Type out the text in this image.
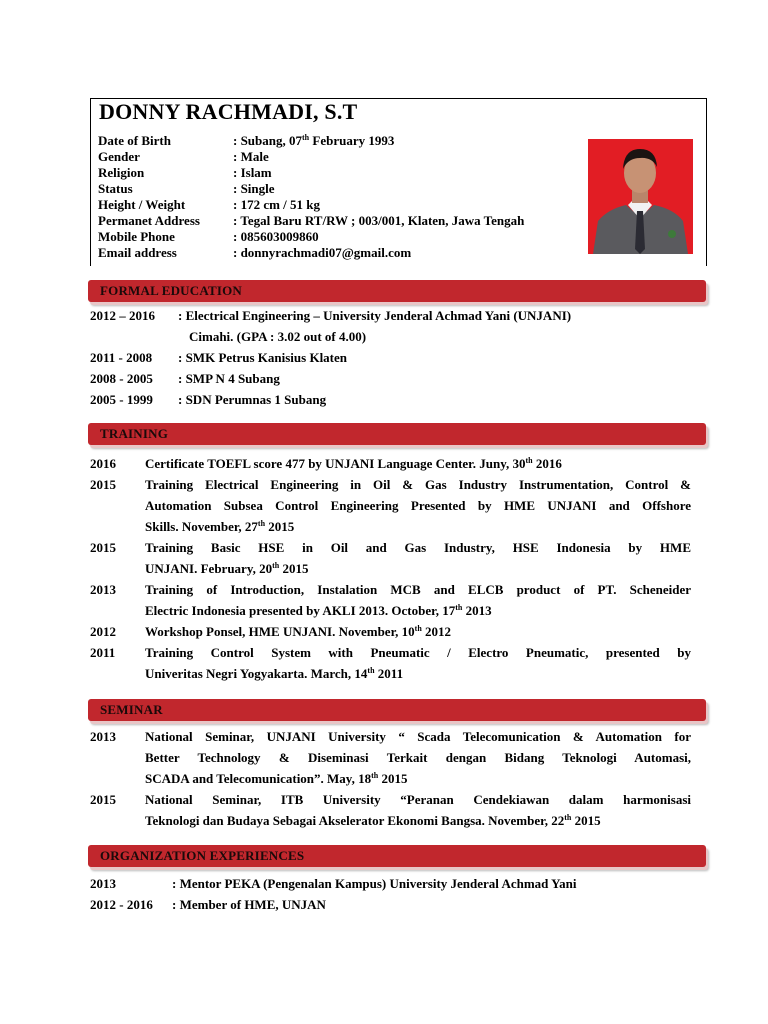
DONNY RACHMADI, S.T
Date of Birth	: Subang, 07th February 1993
Gender	: Male
Religion	: Islam
Status	: Single
Height / Weight	: 172 cm / 51 kg
Permanet Address	: Tegal Baru RT/RW ; 003/001, Klaten, Jawa Tengah
Mobile Phone	: 085603009860
Email address	: donnyrachmadi07@gmail.com
FORMAL EDUCATION
2012 – 2016 : Electrical Engineering – University Jenderal Achmad Yani (UNJANI)
Cimahi. (GPA : 3.02 out of 4.00)
2011 - 2008 : SMK Petrus Kanisius Klaten
2008 - 2005 : SMP N 4 Subang
2005 - 1999 : SDN Perumnas 1 Subang
TRAINING
2016 Certificate TOEFL score 477 by UNJANI Language Center. Juny, 30th 2016
2015 Training Electrical Engineering in Oil & Gas Industry Instrumentation, Control &
Automation Subsea Control Engineering Presented by HME UNJANI and Offshore
Skills. November, 27th 2015
2015 Training Basic HSE in Oil and Gas Industry, HSE Indonesia by HME
UNJANI. February, 20th 2015
2013 Training of Introduction, Instalation MCB and ELCB product of PT. Scheneider
Electric Indonesia presented by AKLI 2013. October, 17th 2013
2012 Workshop Ponsel, HME UNJANI. November, 10th 2012
2011 Training Control System with Pneumatic / Electro Pneumatic, presented by
Univeritas Negri Yogyakarta. March, 14th 2011
SEMINAR
2013 National Seminar, UNJANI University “ Scada Telecomunication & Automation for
Better Technology & Diseminasi Terkait dengan Bidang Teknologi Automasi,
SCADA and Telecomunication”. May, 18th 2015
2015 National Seminar, ITB University “Peranan Cendekiawan dalam harmonisasi
Teknologi dan Budaya Sebagai Akselerator Ekonomi Bangsa. November, 22th 2015
ORGANIZATION EXPERIENCES
2013	: Mentor PEKA (Pengenalan Kampus) University Jenderal Achmad Yani
2012 - 2016 : Member of HME, UNJAN
